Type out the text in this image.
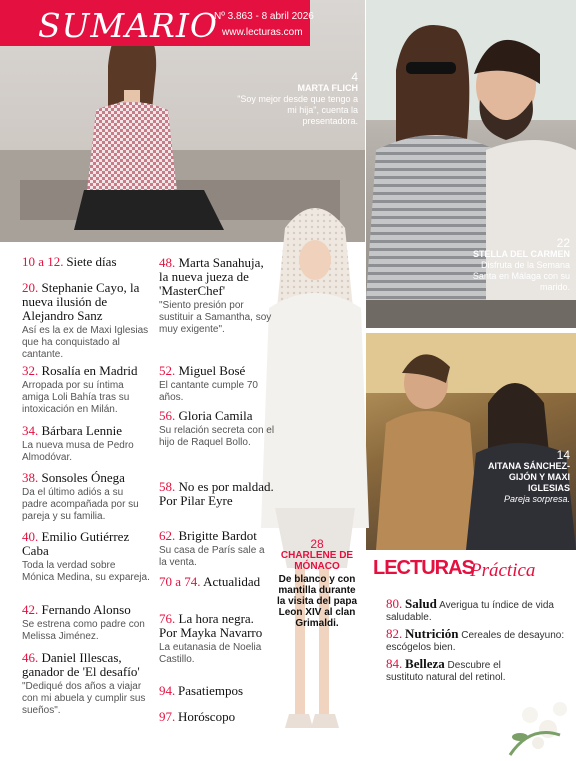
SUMARIO
Nº 3.863 - 8 abril 2026
www.lecturas.com
4
MARTA FLICH
"Soy mejor desde que tengo a mi hija", cuenta la presentadora.
22
STELLA DEL CARMEN
Disfruta de la Semana Santa en Málaga con su marido.
14
AITANA SÁNCHEZ-GIJÓN Y MAXI IGLESIAS
Pareja sorpresa.
28
CHARLENE DE MÓNACO
De blanco y con mantilla durante la visita del papa Leon XIV al clan Grimaldi.
10 a 12. Siete días
20. Stephanie Cayo, la nueva ilusión de Alejandro Sanz
Así es la ex de Maxi Iglesias que ha conquistado al cantante.
32. Rosalía en Madrid
Arropada por su íntima amiga Loli Bahía tras su intoxicación en Milán.
34. Bárbara Lennie
La nueva musa de Pedro Almodóvar.
38. Sonsoles Ónega
Da el último adiós a su padre acompañada por su pareja y su familia.
40. Emilio Gutiérrez Caba
Toda la verdad sobre Mónica Medina, su expareja.
42. Fernando Alonso
Se estrena como padre con Melissa Jiménez.
46. Daniel Illescas, ganador de 'El desafío'
"Dediqué dos años a viajar con mi abuela y cumplir sus sueños".
48. Marta Sanahuja, la nueva jueza de 'MasterChef'
"Siento presión por sustituir a Samantha, soy muy exigente".
52. Miguel Bosé
El cantante cumple 70 años.
56. Gloria Camila
Su relación secreta con el hijo de Raquel Bollo.
58. No es por maldad. Por Pilar Eyre
62. Brigitte Bardot
Su casa de París sale a la venta.
70 a 74. Actualidad
76. La hora negra. Por Mayka Navarro
La eutanasia de Noelia Castillo.
94. Pasatiempos
97. Horóscopo
LECTURAS
Práctica
80. Salud Averigua tu índice de vida saludable.
82. Nutrición Cereales de desayuno: escógelos bien.
84. Belleza Descubre el sustituto natural del retinol.
